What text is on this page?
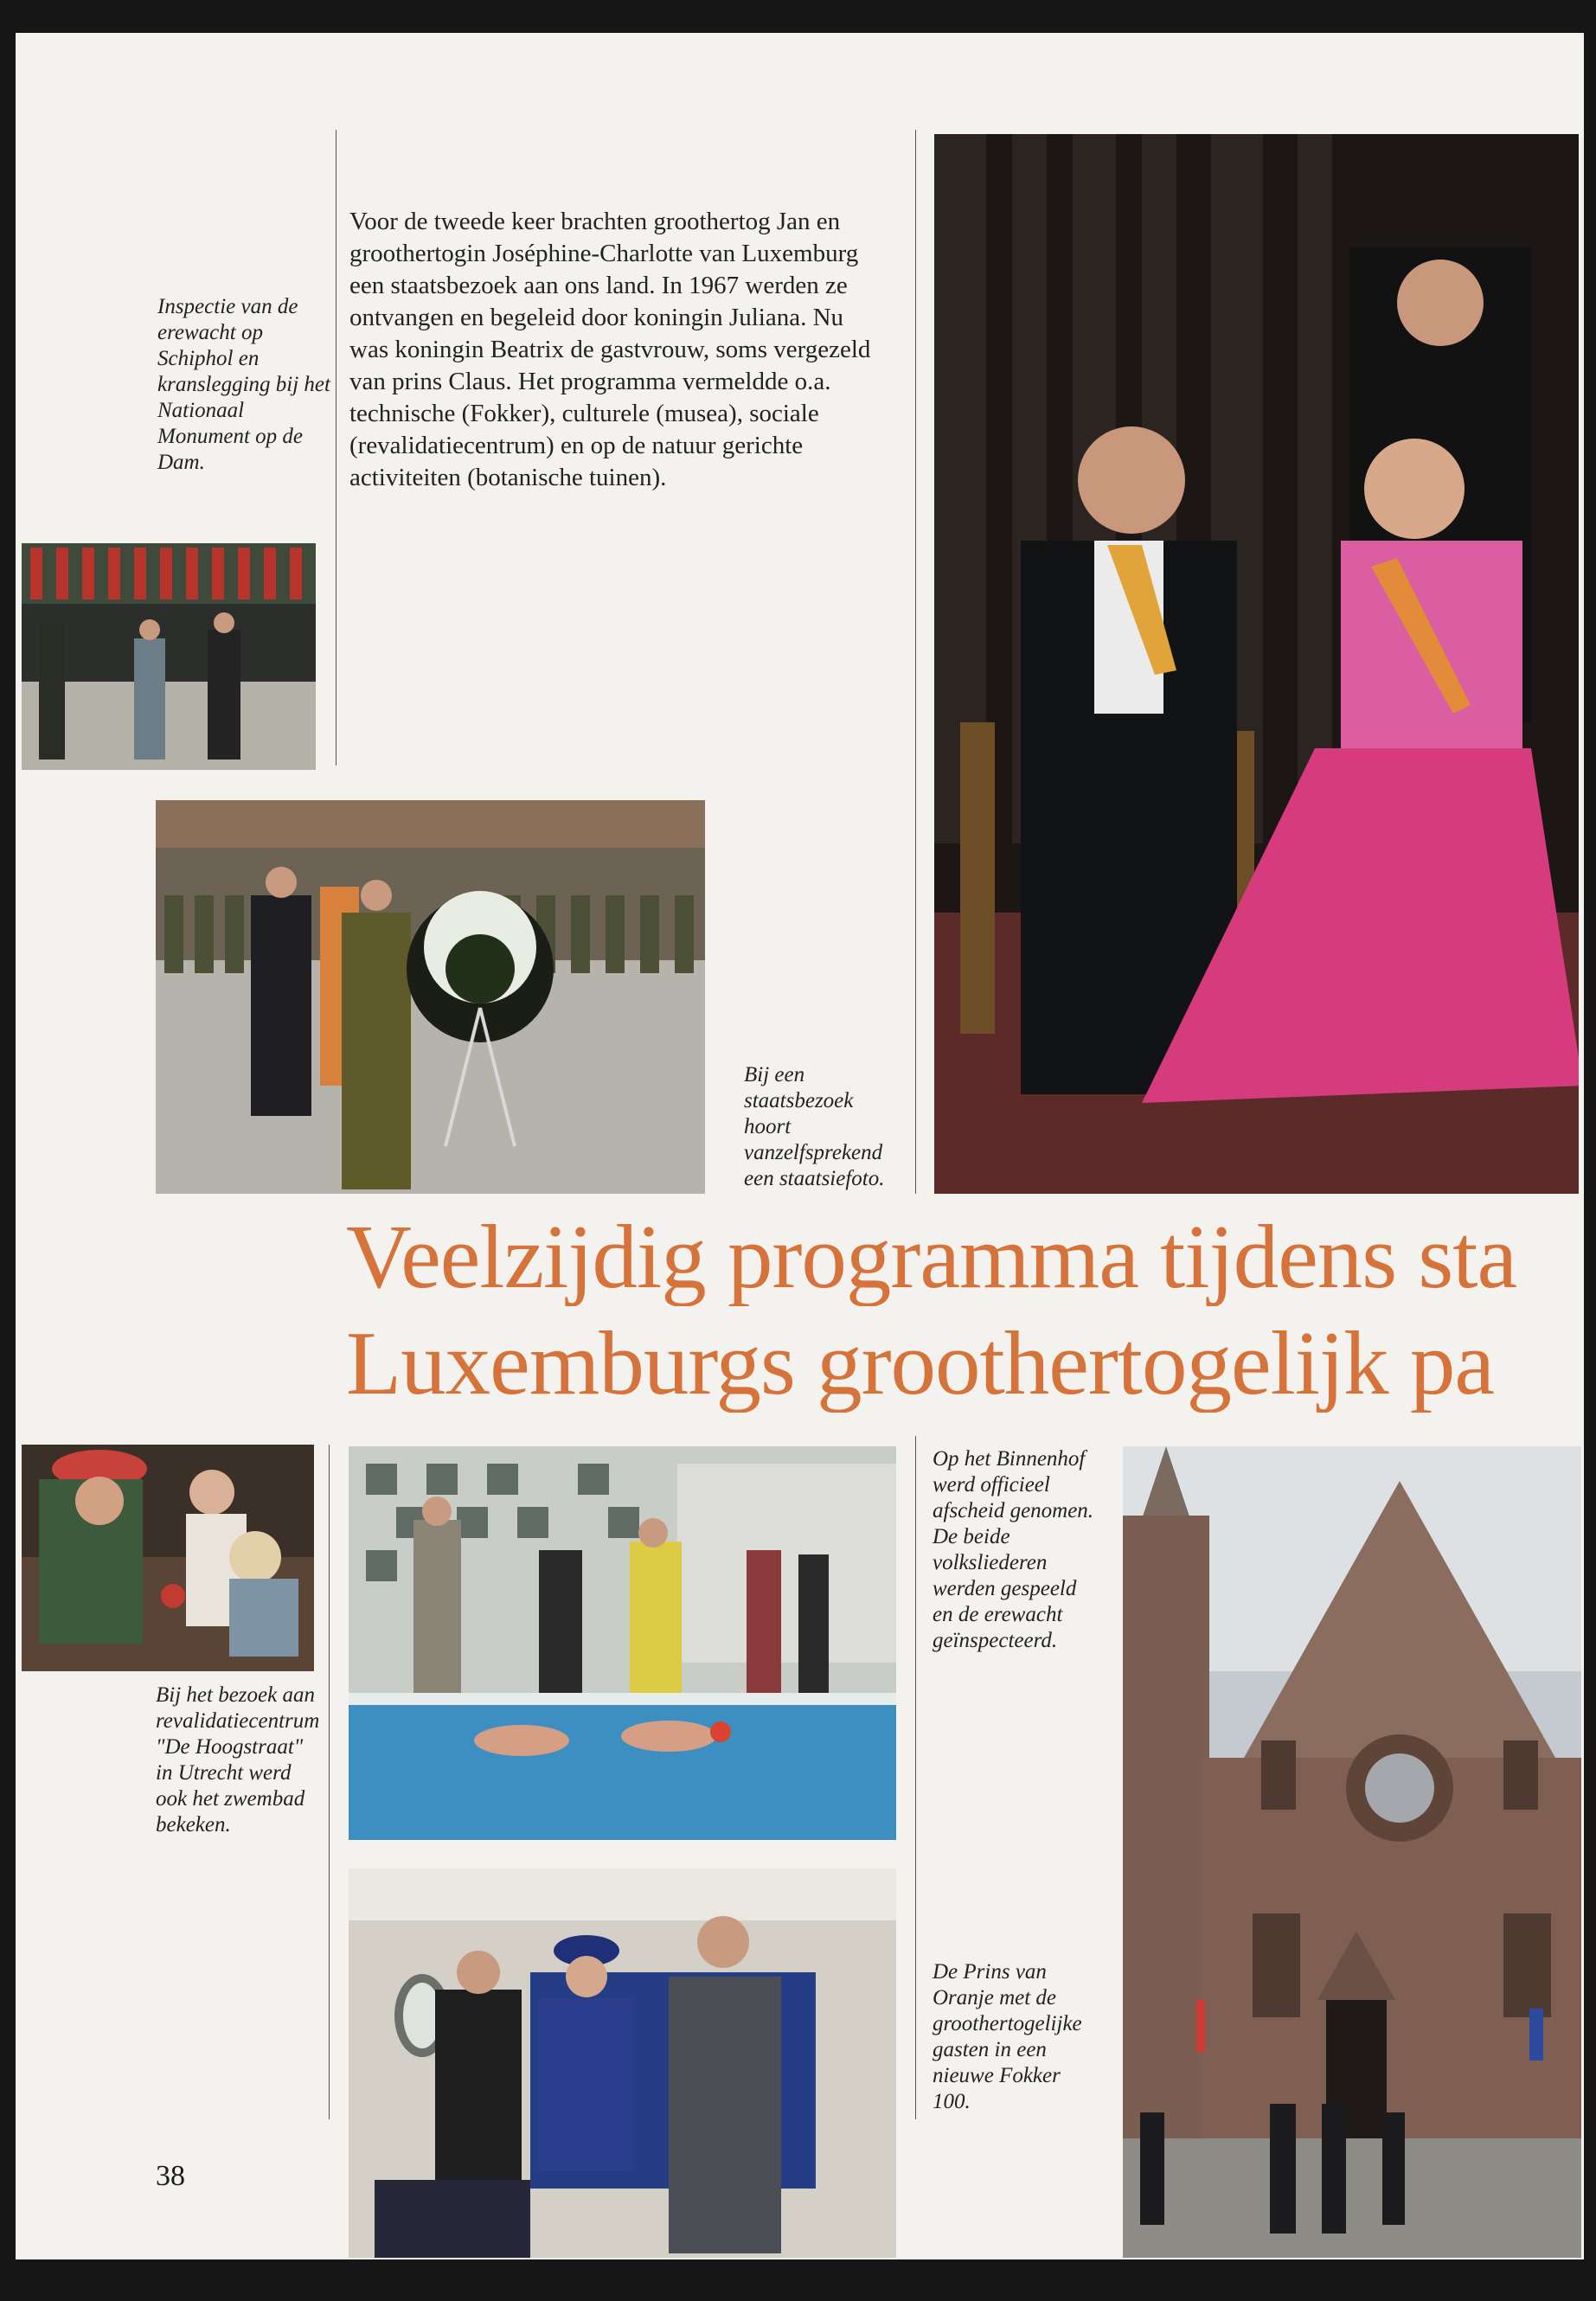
Inspectie van de erewacht op Schiphol en kranslegging bij het Nationaal Monument op de Dam.
Voor de tweede keer brachten groothertog Jan en groothertogin Joséphine-Charlotte van Luxemburg een staatsbezoek aan ons land. In 1967 werden ze ontvangen en begeleid door koningin Juliana. Nu was koningin Beatrix de gastvrouw, soms vergezeld van prins Claus. Het programma vermeldde o.a. technische (Fokker), culturele (musea), sociale (revalidatiecentrum) en op de natuur gerichte activiteiten (botanische tuinen).
Bij een staatsbezoek hoort vanzelfsprekend een staatsiefoto.
Veelzijdig programma tijdens sta
Luxemburgs groothertogelijk pa
Bij het bezoek aan revalidatiecentrum "De Hoogstraat" in Utrecht werd ook het zwembad bekeken.
Op het Binnenhof werd officieel afscheid genomen. De beide volksliederen werden gespeeld en de erewacht geïnspecteerd.
De Prins van Oranje met de groothertogelijke gasten in een nieuwe Fokker 100.
38
